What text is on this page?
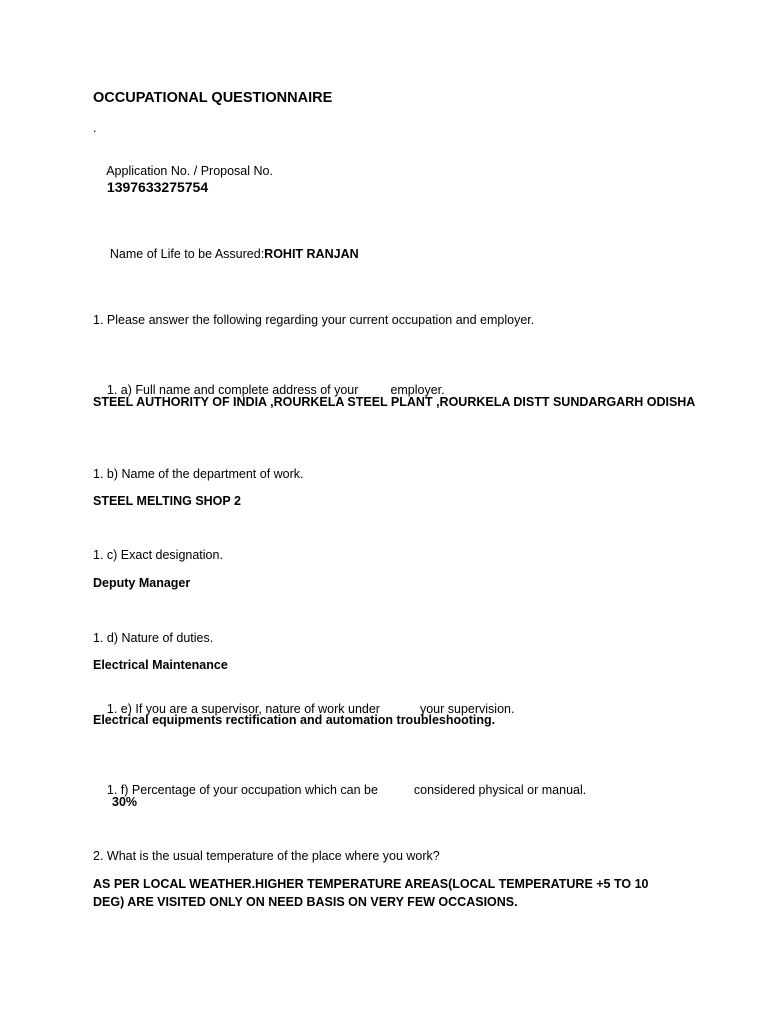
OCCUPATIONAL QUESTIONNAIRE
.

Application No. / Proposal No.
1397633275754

Name of Life to be Assured:ROHIT RANJAN

1. Please answer the following regarding your current occupation and employer.

1. a) Full name and complete address of your	employer.

STEEL AUTHORITY OF INDIA ,ROURKELA STEEL PLANT ,ROURKELA DISTT SUNDARGARH ODISHA
1. b) Name of the department of work.
STEEL MELTING SHOP 2
1. c) Exact designation.
Deputy Manager
1. d) Nature of duties.
Electrical Maintenance

1. e) If you are a supervisor, nature of work under	your supervision.

Electrical equipments rectification and automation troubleshooting.

1. f) Percentage of your occupation which can be	considered physical or manual.

30%
2. What is the usual temperature of the place where you work?
AS PER LOCAL WEATHER.HIGHER TEMPERATURE AREAS(LOCAL TEMPERATURE +5 TO 10 DEG) ARE VISITED ONLY ON NEED BASIS ON VERY FEW OCCASIONS.
